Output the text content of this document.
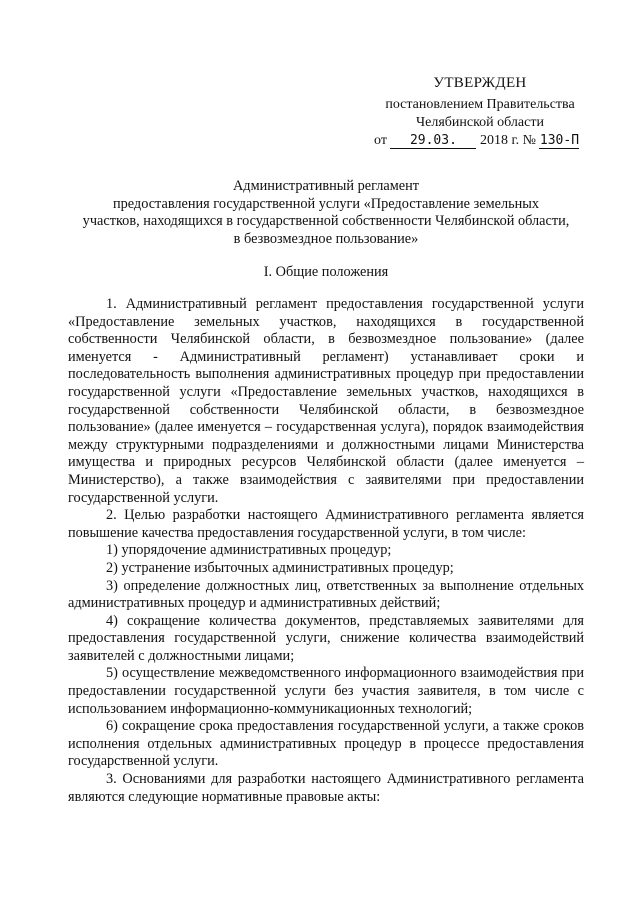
УТВЕРЖДЕН
постановлением Правительства
Челябинской области
от 29.03. 2018 г. № 130-П
Административный регламент
предоставления государственной услуги «Предоставление земельных
участков, находящихся в государственной собственности Челябинской области,
в безвозмездное пользование»
I. Общие положения

1. Административный регламент предоставления государственной услуги «Предоставление земельных участков, находящихся в государственной собственности Челябинской области, в безвозмездное пользование» (далее именуется - Административный регламент) устанавливает сроки и последовательность выполнения административных процедур при предоставлении государственной услуги «Предоставление земельных участков, находящихся в государственной собственности Челябинской области, в безвозмездное пользование» (далее именуется – государственная услуга), порядок взаимодействия между структурными подразделениями и должностными лицами Министерства имущества и природных ресурсов Челябинской области (далее именуется – Министерство), а также взаимодействия с заявителями при предоставлении государственной услуги.

2. Целью разработки настоящего Административного регламента является повышение качества предоставления государственной услуги, в том числе:

1) упорядочение административных процедур;

2) устранение избыточных административных процедур;

3) определение должностных лиц, ответственных за выполнение отдельных административных процедур и административных действий;

4) сокращение количества документов, представляемых заявителями для предоставления государственной услуги, снижение количества взаимодействий заявителей с должностными лицами;

5) осуществление межведомственного информационного взаимодействия при предоставлении государственной услуги без участия заявителя, в том числе с использованием информационно-коммуникационных технологий;

6) сокращение срока предоставления государственной услуги, а также сроков исполнения отдельных административных процедур в процессе предоставления государственной услуги.

3. Основаниями для разработки настоящего Административного регламента являются следующие нормативные правовые акты:
